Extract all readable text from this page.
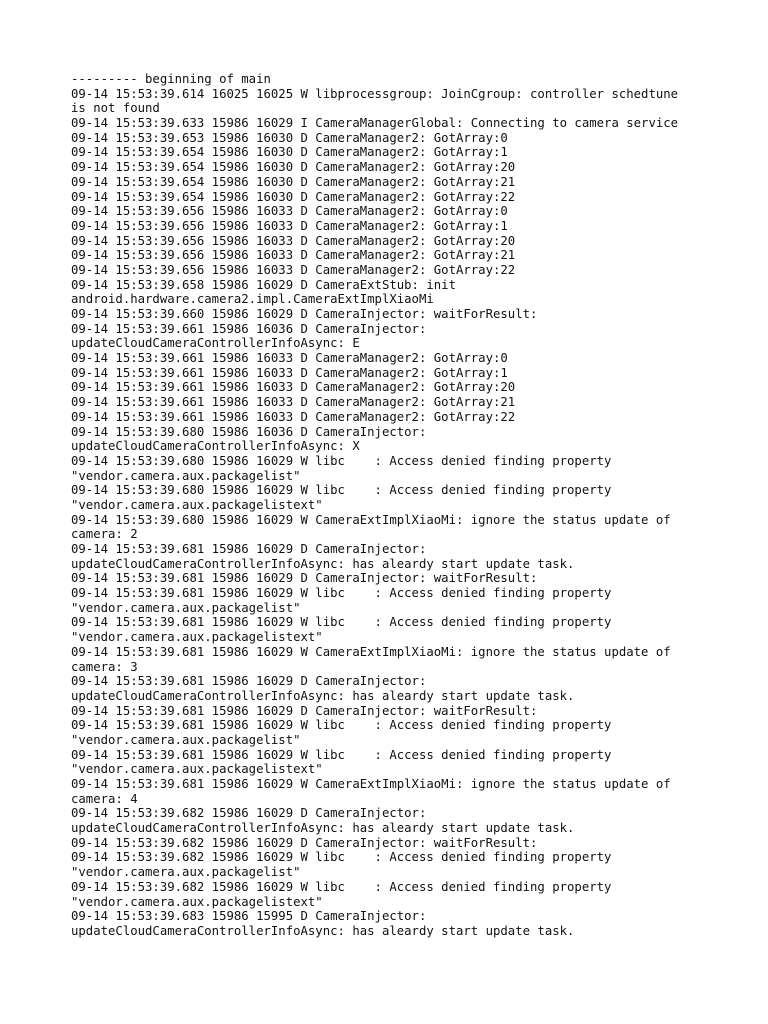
--------- beginning of main
09-14 15:53:39.614 16025 16025 W libprocessgroup: JoinCgroup: controller schedtune
is not found
09-14 15:53:39.633 15986 16029 I CameraManagerGlobal: Connecting to camera service
09-14 15:53:39.653 15986 16030 D CameraManager2: GotArray:0
09-14 15:53:39.654 15986 16030 D CameraManager2: GotArray:1
09-14 15:53:39.654 15986 16030 D CameraManager2: GotArray:20
09-14 15:53:39.654 15986 16030 D CameraManager2: GotArray:21
09-14 15:53:39.654 15986 16030 D CameraManager2: GotArray:22
09-14 15:53:39.656 15986 16033 D CameraManager2: GotArray:0
09-14 15:53:39.656 15986 16033 D CameraManager2: GotArray:1
09-14 15:53:39.656 15986 16033 D CameraManager2: GotArray:20
09-14 15:53:39.656 15986 16033 D CameraManager2: GotArray:21
09-14 15:53:39.656 15986 16033 D CameraManager2: GotArray:22
09-14 15:53:39.658 15986 16029 D CameraExtStub: init
android.hardware.camera2.impl.CameraExtImplXiaoMi
09-14 15:53:39.660 15986 16029 D CameraInjector: waitForResult:
09-14 15:53:39.661 15986 16036 D CameraInjector:
updateCloudCameraControllerInfoAsync: E
09-14 15:53:39.661 15986 16033 D CameraManager2: GotArray:0
09-14 15:53:39.661 15986 16033 D CameraManager2: GotArray:1
09-14 15:53:39.661 15986 16033 D CameraManager2: GotArray:20
09-14 15:53:39.661 15986 16033 D CameraManager2: GotArray:21
09-14 15:53:39.661 15986 16033 D CameraManager2: GotArray:22
09-14 15:53:39.680 15986 16036 D CameraInjector:
updateCloudCameraControllerInfoAsync: X
09-14 15:53:39.680 15986 16029 W libc    : Access denied finding property
"vendor.camera.aux.packagelist"
09-14 15:53:39.680 15986 16029 W libc    : Access denied finding property
"vendor.camera.aux.packagelistext"
09-14 15:53:39.680 15986 16029 W CameraExtImplXiaoMi: ignore the status update of
camera: 2
09-14 15:53:39.681 15986 16029 D CameraInjector:
updateCloudCameraControllerInfoAsync: has aleardy start update task.
09-14 15:53:39.681 15986 16029 D CameraInjector: waitForResult:
09-14 15:53:39.681 15986 16029 W libc    : Access denied finding property
"vendor.camera.aux.packagelist"
09-14 15:53:39.681 15986 16029 W libc    : Access denied finding property
"vendor.camera.aux.packagelistext"
09-14 15:53:39.681 15986 16029 W CameraExtImplXiaoMi: ignore the status update of
camera: 3
09-14 15:53:39.681 15986 16029 D CameraInjector:
updateCloudCameraControllerInfoAsync: has aleardy start update task.
09-14 15:53:39.681 15986 16029 D CameraInjector: waitForResult:
09-14 15:53:39.681 15986 16029 W libc    : Access denied finding property
"vendor.camera.aux.packagelist"
09-14 15:53:39.681 15986 16029 W libc    : Access denied finding property
"vendor.camera.aux.packagelistext"
09-14 15:53:39.681 15986 16029 W CameraExtImplXiaoMi: ignore the status update of
camera: 4
09-14 15:53:39.682 15986 16029 D CameraInjector:
updateCloudCameraControllerInfoAsync: has aleardy start update task.
09-14 15:53:39.682 15986 16029 D CameraInjector: waitForResult:
09-14 15:53:39.682 15986 16029 W libc    : Access denied finding property
"vendor.camera.aux.packagelist"
09-14 15:53:39.682 15986 16029 W libc    : Access denied finding property
"vendor.camera.aux.packagelistext"
09-14 15:53:39.683 15986 15995 D CameraInjector:
updateCloudCameraControllerInfoAsync: has aleardy start update task.
